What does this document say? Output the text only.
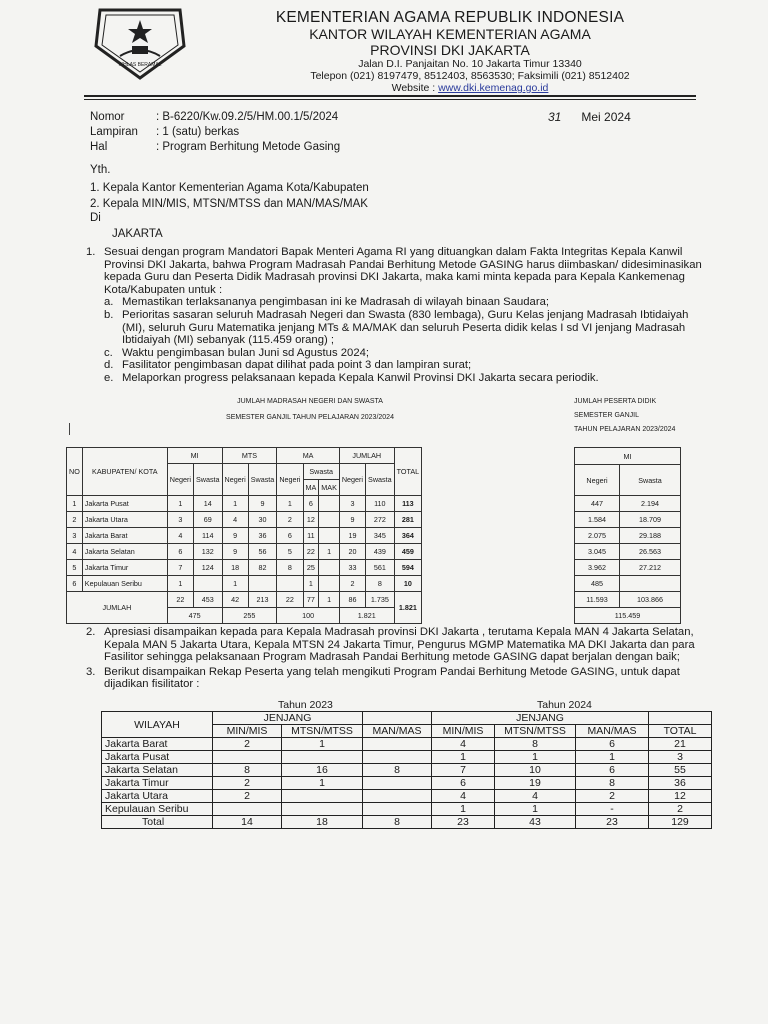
IKHLAS BERAMAL
KEMENTERIAN AGAMA REPUBLIK INDONESIA
KANTOR WILAYAH KEMENTERIAN AGAMA
PROVINSI DKI JAKARTA
Jalan D.I. Panjaitan No. 10 Jakarta Timur 13340
Telepon (021) 8197479, 8512403, 8563530; Faksimili (021) 8512402
Website : www.dki.kemenag.go.id
Nomor	: B-6220/Kw.09.2/5/HM.00.1/5/2024
Lampiran	: 1 (satu) berkas
Hal	: Program Berhitung Metode Gasing
31 Mei 2024
Yth.
1. Kepala Kantor Kementerian Agama Kota/Kabupaten
2. Kepala MIN/MIS, MTSN/MTSS dan MAN/MAS/MAK
Di
JAKARTA
1. Sesuai dengan program Mandatori Bapak Menteri Agama RI yang dituangkan dalam Fakta Integritas Kepala Kanwil Provinsi DKI Jakarta, bahwa Program Madrasah Pandai Berhitung Metode GASING harus diimbaskan/ didesiminasikan kepada Guru dan Peserta Didik Madrasah provinsi DKI Jakarta, maka kami minta kepada para Kepala Kankemenag Kota/Kabupaten untuk :
a. Memastikan terlaksananya pengimbasan ini ke Madrasah di wilayah binaan Saudara;
b. Perioritas sasaran seluruh Madrasah Negeri dan Swasta (830 lembaga), Guru Kelas jenjang Madrasah Ibtidaiyah (MI), seluruh Guru Matematika jenjang MTs & MA/MAK dan seluruh Peserta didik kelas I sd VI jenjang Madrasah Ibtidaiyah (MI) sebanyak (115.459 orang) ;
c. Waktu pengimbasan bulan Juni sd Agustus 2024;
d. Fasilitator pengimbasan dapat dilihat pada point 3 dan lampiran surat;
e. Melaporkan progress pelaksanaan kepada Kepala Kanwil Provinsi DKI Jakarta secara periodik.
JUMLAH MADRASAH NEGERI DAN SWASTA
SEMESTER GANJIL TAHUN PELAJARAN 2023/2024
JUMLAH PESERTA DIDIK
SEMESTER GANJIL
TAHUN PELAJARAN 2023/2024
NO	KABUPATEN/ KOTA	MI		MTS		MA			JUMLAH		TOTAL
		Negeri	Swasta	Negeri	Swasta	Negeri	Swasta		Negeri	Swasta	
							MA	MAK			
1	Jakarta Pusat	1	14	1	9	1	6		3	110	113
2	Jakarta Utara	3	69	4	30	2	12		9	272	281
3	Jakarta Barat	4	114	9	36	6	11		19	345	364
4	Jakarta Selatan	6	132	9	56	5	22	1	20	439	459
5	Jakarta Timur	7	124	18	82	8	25		33	561	594
6	Kepulauan Seribu	1		1			1		2	8	10
JUMLAH		22	453	42	213	22	77	1	86	1.735	1.821
		475		255		100			1.821		
MI	
Negeri	Swasta
447	2.194
1.584	18.709
2.075	29.188
3.045	26.563
3.962	27.212
485	
11.593	103.866
115.459	
2. Apresiasi disampaikan kepada para Kepala Madrasah provinsi DKI Jakarta , terutama Kepala MAN 4 Jakarta Selatan, Kepala MAN 5 Jakarta Utara, Kepala MTSN 24 Jakarta Timur, Pengurus MGMP Matematika MA DKI Jakarta dan para Fasilitor sehingga pelaksanaan Program Madrasah Pandai Berhitung metode GASING dapat berjalan dengan baik;
3. Berikut disampaikan Rekap Peserta yang telah mengikuti Program Pandai Berhitung Metode GASING, untuk dapat dijadikan fisilitator :
Tahun 2023	Tahun 2024
WILAYAH	JENJANG			JENJANG			
	MIN/MIS	MTSN/MTSS	MAN/MAS	MIN/MIS	MTSN/MTSS	MAN/MAS	TOTAL
Jakarta Barat	2	1		4	8	6	21
Jakarta Pusat				1	1	1	3
Jakarta Selatan	8	16	8	7	10	6	55
Jakarta Timur	2	1		6	19	8	36
Jakarta Utara	2			4	4	2	12
Kepulauan Seribu				1	1	-	2
Total	14	18	8	23	43	23	129
